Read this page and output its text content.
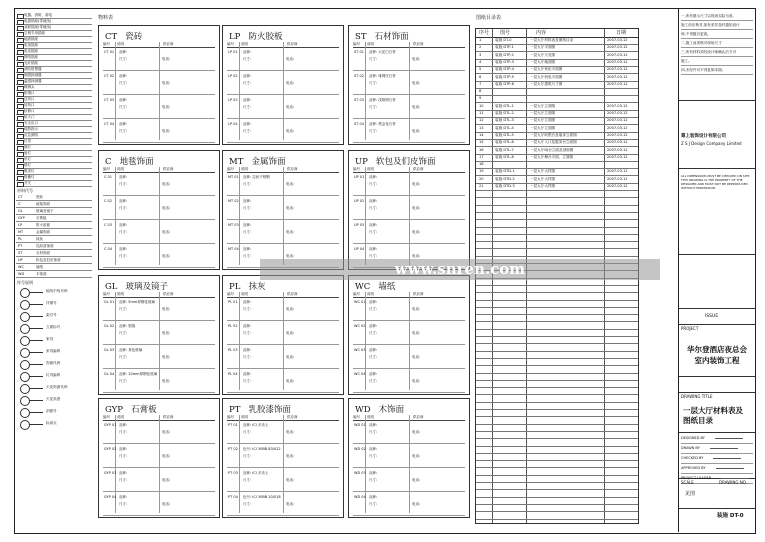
电器、消防、弱电
电源插座(带地线)
双联插座(带地线)
空调专用插座
地面插座
电视插座
电话插座
网络插座
光纤插座
消防报警器
烟感探测器
温感探测器
喷淋头
排烟口
送风口
回风口
检修口
防火门
安全出口
疏散指示
应急照明
灯带
筒灯
射灯
吊灯
壁灯
吸顶灯
格栅灯
开关
材料代号
CT	瓷砖
C	地毯饰面
GL	玻璃及镜子
GYP	石膏板
LP	防火胶板
MT	金属饰面
PL	抹灰
PT	乳胶漆饰面
ST	石材饰面
UP	软包及扪皮饰面
WC	墙纸
WD	木饰面
符号说明
轴线中线号码
详图号
索引号
立面标号
家具
家具编码
饰面代码
灯具编码
天花饰面代码
天花高度
剖面号
标高点
物料表
CT 瓷砖
编号 说明	供应商
CT 01 品种:
尺寸:	电话:
CT 02 品种:
尺寸:	电话:
CT 03 品种:
尺寸:	电话:
CT 04 品种:
尺寸:	电话:
LP 防火胶板
编号 说明	供应商
LP 01 品种:
尺寸:	电话:
LP 02 品种:
尺寸:	电话:
LP 03 品种:
尺寸:	电话:
LP 04 品种:
尺寸:	电话:
ST 石材饰面
编号 说明	供应商
ST 01 品种: 大花白石材
尺寸:	电话:
ST 02 品种: 啡网纹石材
尺寸:	电话:
ST 03 品种: 浅啡网石材
尺寸:	电话:
ST 04 品种: 黑金花石材
尺寸:	电话:
C 地毯饰面
编号 说明	供应商
C 01 品种:
尺寸:	电话:
C 02 品种:
尺寸:	电话:
C 03 品种:
尺寸:	电话:
C 04 品种:
尺寸:	电话:
MT 金属饰面
编号 说明	供应商
MT 01 品种: 拉丝不锈钢
尺寸:	电话:
MT 02 品种:
尺寸:	电话:
MT 03 品种:
尺寸:	电话:
MT 04 品种:
尺寸:	电话:
UP 软包及们皮饰面
编号 说明	供应商
UP 01 品种:
尺寸:	电话:
UP 02 品种:
尺寸:	电话:
UP 03 品种:
尺寸:	电话:
UP 04 品种:
尺寸:	电话:
GL 玻璃及镜子
编号 说明	供应商
GL 01 品种: 5mm厚钢化玻璃
尺寸:	电话:
GL 02 品种: 银镜
尺寸:	电话:
GL 03 品种: 茶色玻璃
尺寸:	电话:
GL 04 品种: 10mm厚钢化玻璃
尺寸:	电话:
PL 抹灰
编号 说明	供应商
PL 01 品种:
尺寸:	电话:
PL 02 品种:
尺寸:	电话:
PL 03 品种:
尺寸:	电话:
PL 04 品种:
尺寸:	电话:
WC 墙纸
编号 说明	供应商
WC 01 品种:
尺寸:	电话:
WC 02 品种:
尺寸:	电话:
WC 03 品种:
尺寸:	电话:
WC 04 品种:
尺寸:	电话:
GYP 石膏板
编号 说明	供应商
GYP 01 品种:
尺寸:	电话:
GYP 02 品种:
尺寸:	电话:
GYP 03 品种:
尺寸:	电话:
GYP 04 品种:
尺寸:	电话:
PT 乳胶漆饰面
编号 说明	供应商
PT 01 品种: ICI 多乐士
尺寸:	电话:
PT 02 色号: ICI 30BB 83/022
尺寸:	电话:
PT 03 品种: ICI 多乐士
尺寸:	电话:
PT 04 色号: ICI 30BB 10/018
尺寸:	电话:
WD 木饰面
编号 说明	供应商
WD 01 品种:
尺寸:	电话:
WD 02 品种:
尺寸:	电话:
WD 03 品种:
尺寸:	电话:
WD 04 品种:
尺寸:	电话:
图纸目录表
序号 图号	内容	日期
1	装施 DT-0	一层大厅材料表及图纸目录	2007.03.12
2	装施 DTP-1	一层大厅平面图	2007.03.12
3	装施 DTP-2	一层大厅天花图	2007.03.12
4	装施 DTP-3	一层大厅地面图	2007.03.12
5	装施 DTP-4	一层大厅家私平面图	2007.03.12
6	装施 DTP-5	一层大厅机电平面图	2007.03.12
7	装施 DTP-6	一层大厅建筑尺寸图	2007.03.12
8
9
10	装施 DTL-1	一层大厅立面图	2007.03.12
11	装施 DTL-2	一层大厅立面图	2007.03.12
12	装施 DTL-3	一层大厅立面图	2007.03.12
13	装施 DTL-4	一层大厅立面图	2007.03.12
14	装施 DTL-5	一层大厅收银台及墙身立面图	2007.03.12
15	装施 DTL-6	一层大厅入口及服务台立面图	2007.03.12
16	装施 DTL-7	一层大厅DJ台立面及剖面图	2007.03.12
17	装施 DTL-8	一层大厅舞台平面、立面图	2007.03.12
18
19	装施 DTD-1	一层大厅大样图	2007.03.12
20	装施 DTD-2	一层大厅大样图	2007.03.12
21	装施 DTD-3	一层大厅大样图	2007.03.12
一,所有图示尺寸以现场实际为准,
施工前应核对,如有差异及时通知设计
师,不得擅自更改。
二,施工前须核对现场尺寸
三,所有材料须经设计师确认后方可
施工。
四,未经许可不得复制本图。
尊上装饰设计有限公司
Z S J Design Company Limited
ALL DIMENSIONS MUST BE CHECKED ON SITE. THIS DRAWING IS THE PROPERTY OF THE DESIGNER AND MUST NOT BE REPRODUCED WITHOUT PERMISSION.
ISSUE
PROJECT
华尔登酒店夜总会
室内装饰工程
DRAWING TITLE
一层大厅材料表及
图纸目录
DESIGNED BY
DRAWN BY
CHECKED BY
APPROVED BY
PROJECT LEADER
SCALE
见图
DRAWING NO.
装施 DT-0
www.snren.com
